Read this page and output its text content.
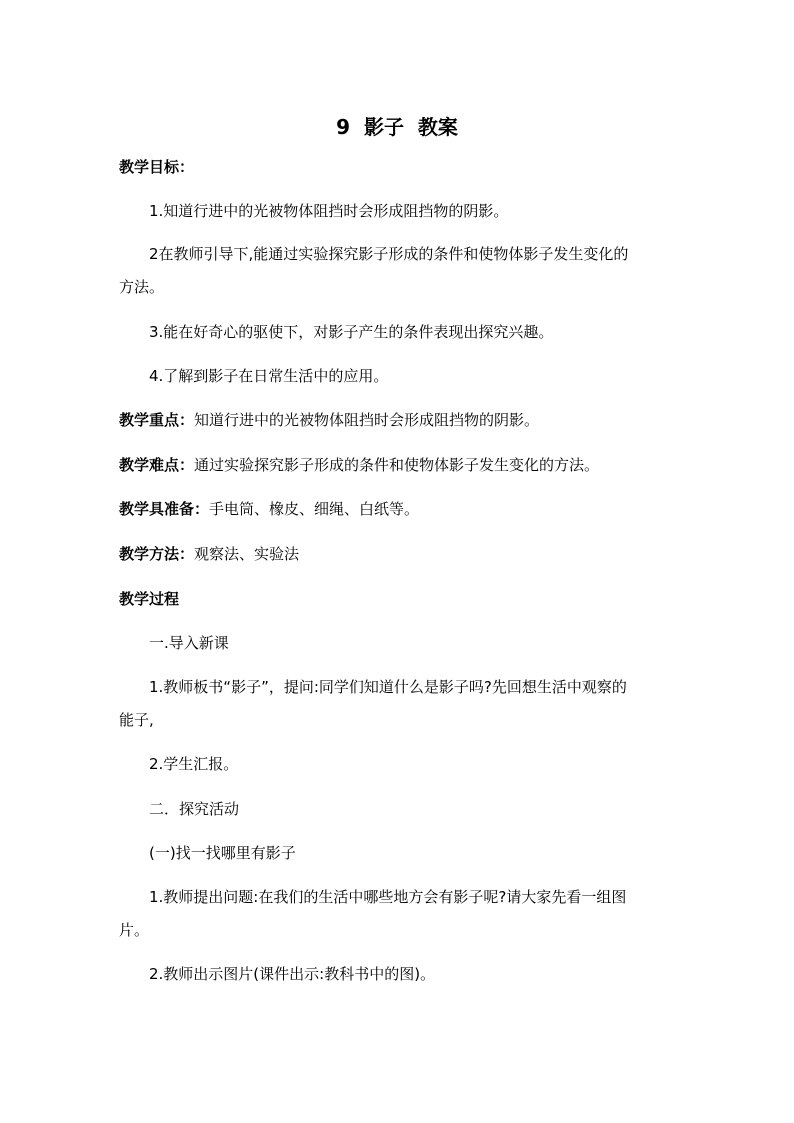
9  影子  教案
教学目标：
1.知道行进中的光被物体阻挡时会形成阻挡物的阴影。
2在教师引导下,能通过实验探究影子形成的条件和使物体影子发生变化的
方法。
3.能在好奇心的驱使下，对影子产生的条件表现出探究兴趣。
4.了解到影子在日常生活中的应用。
教学重点：知道行进中的光被物体阻挡时会形成阻挡物的阴影。
教学难点：通过实验探究影子形成的条件和使物体影子发生变化的方法。
教学具准备：手电筒、橡皮、细绳、白纸等。
教学方法：观察法、实验法
教学过程
一.导入新课
1.教师板书“影子”，提问:同学们知道什么是影子吗?先回想生活中观察的
能子,
2.学生汇报。
二．探究活动
(一)找一找哪里有影子
1.教师提出问题:在我们的生活中哪些地方会有影子呢?请大家先看一组图
片。
2.教师出示图片(课件出示:教科书中的图)。
